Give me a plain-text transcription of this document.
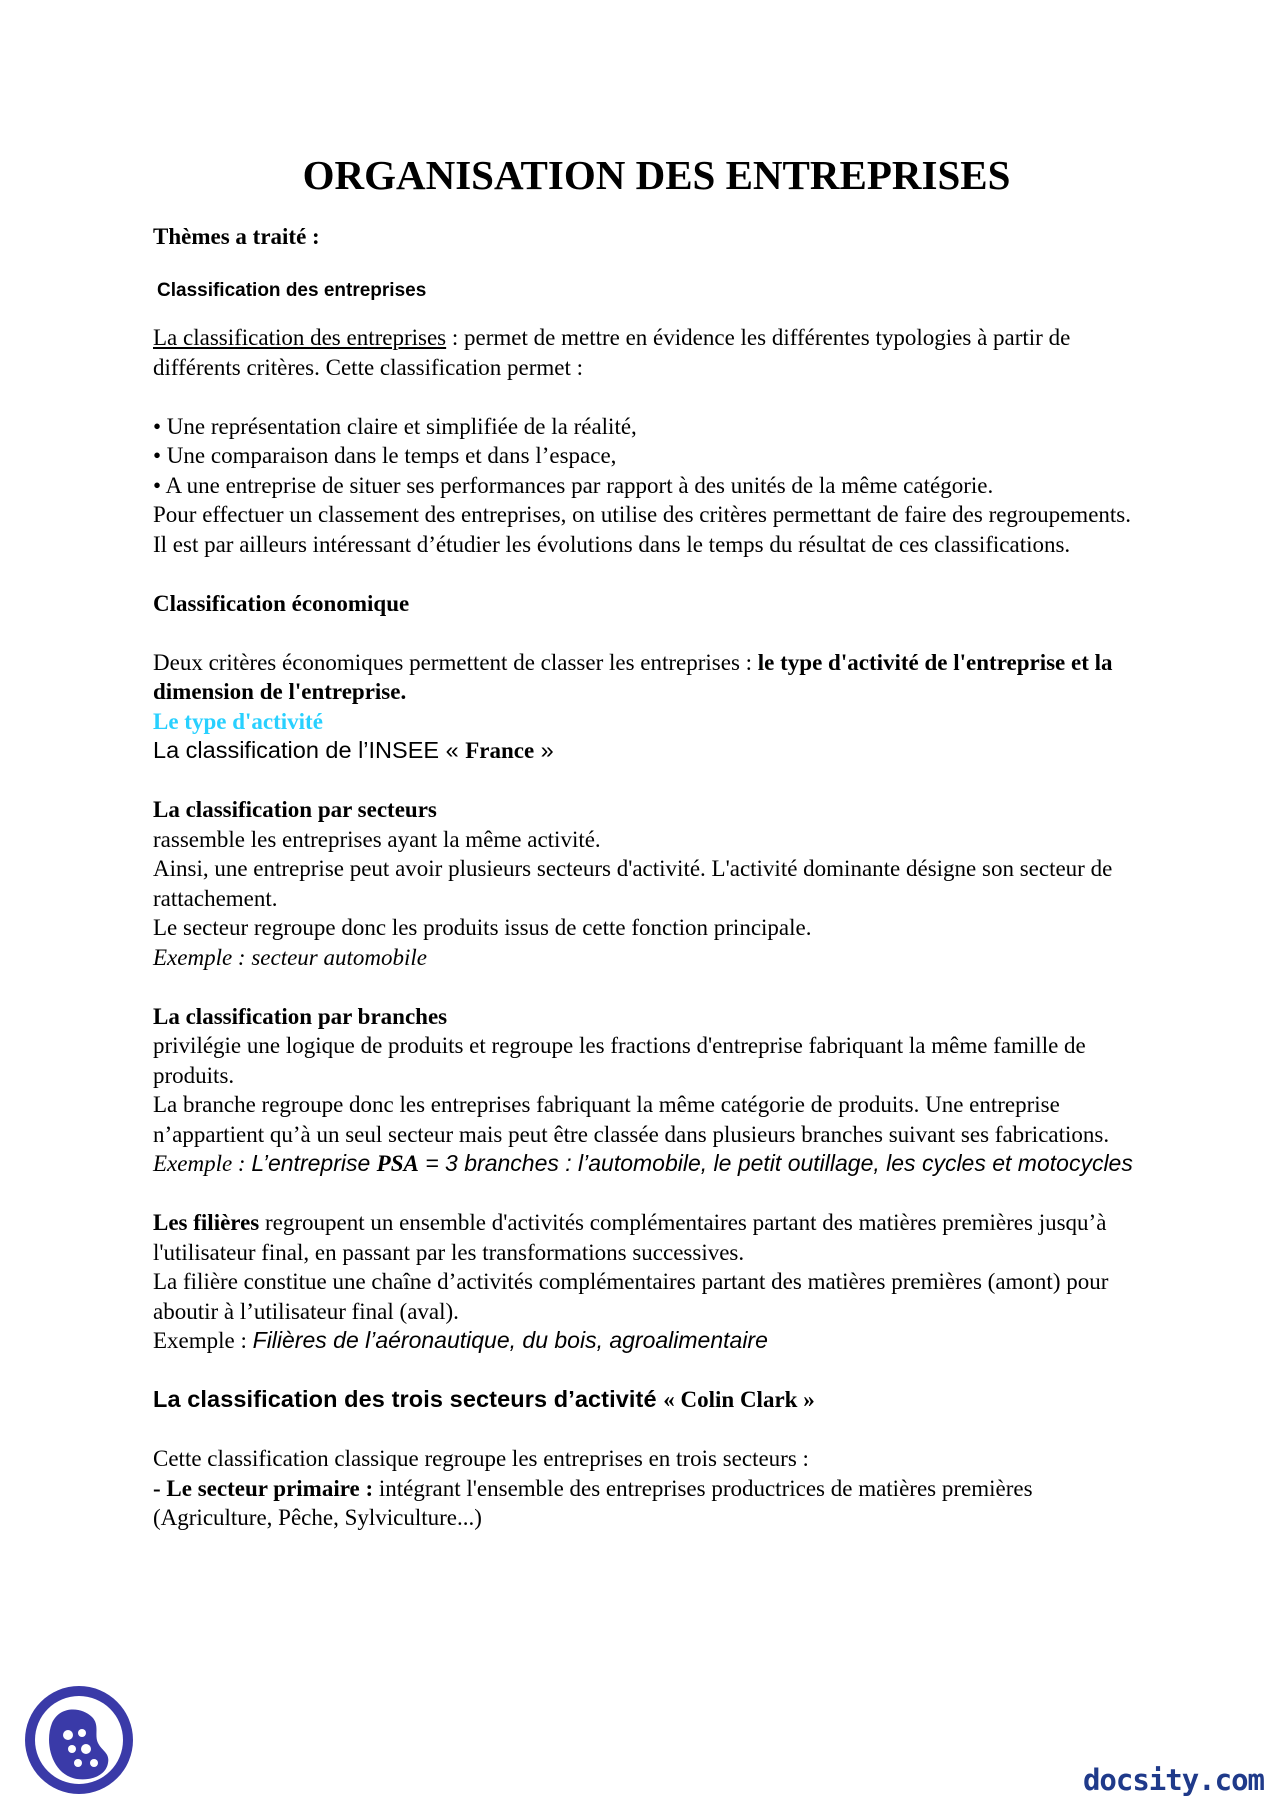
ORGANISATION DES ENTREPRISES

Thèmes a traité :

Classification des entreprises

La classification des entreprises : permet de mettre en évidence les différentes typologies à partir de différents critères. Cette classification permet :

• Une représentation claire et simplifiée de la réalité,

• Une comparaison dans le temps et dans l’espace,

• A une entreprise de situer ses performances par rapport à des unités de la même catégorie.

Pour effectuer un classement des entreprises, on utilise des critères permettant de faire des regroupements. Il est par ailleurs intéressant d’étudier les évolutions dans le temps du résultat de ces classifications.

Classification économique

Deux critères économiques permettent de classer les entreprises : le type d'activité de l'entreprise et la dimension de l'entreprise.

Le type d'activité

La classification de l’INSEE « France »

La classification par secteurs

rassemble les entreprises ayant la même activité.

Ainsi, une entreprise peut avoir plusieurs secteurs d'activité. L'activité dominante désigne son secteur de rattachement.

Le secteur regroupe donc les produits issus de cette fonction principale.

Exemple : secteur automobile

La classification par branches

privilégie une logique de produits et regroupe les fractions d'entreprise fabriquant la même famille de produits.

La branche regroupe donc les entreprises fabriquant la même catégorie de produits. Une entreprise n’appartient qu’à un seul secteur mais peut être classée dans plusieurs branches suivant ses fabrications.

Exemple : L’entreprise PSA = 3 branches : l’automobile, le petit outillage, les cycles et motocycles

Les filières regroupent un ensemble d'activités complémentaires partant des matières premières jusqu’à l'utilisateur final, en passant par les transformations successives.

La filière constitue une chaîne d’activités complémentaires partant des matières premières (amont) pour aboutir à l’utilisateur final (aval).

Exemple : Filières de l’aéronautique, du bois, agroalimentaire

La classification des trois secteurs d’activité « Colin Clark »

Cette classification classique regroupe les entreprises en trois secteurs :

- Le secteur primaire : intégrant l'ensemble des entreprises productrices de matières premières (Agriculture, Pêche, Sylviculture...)

docsity.com
